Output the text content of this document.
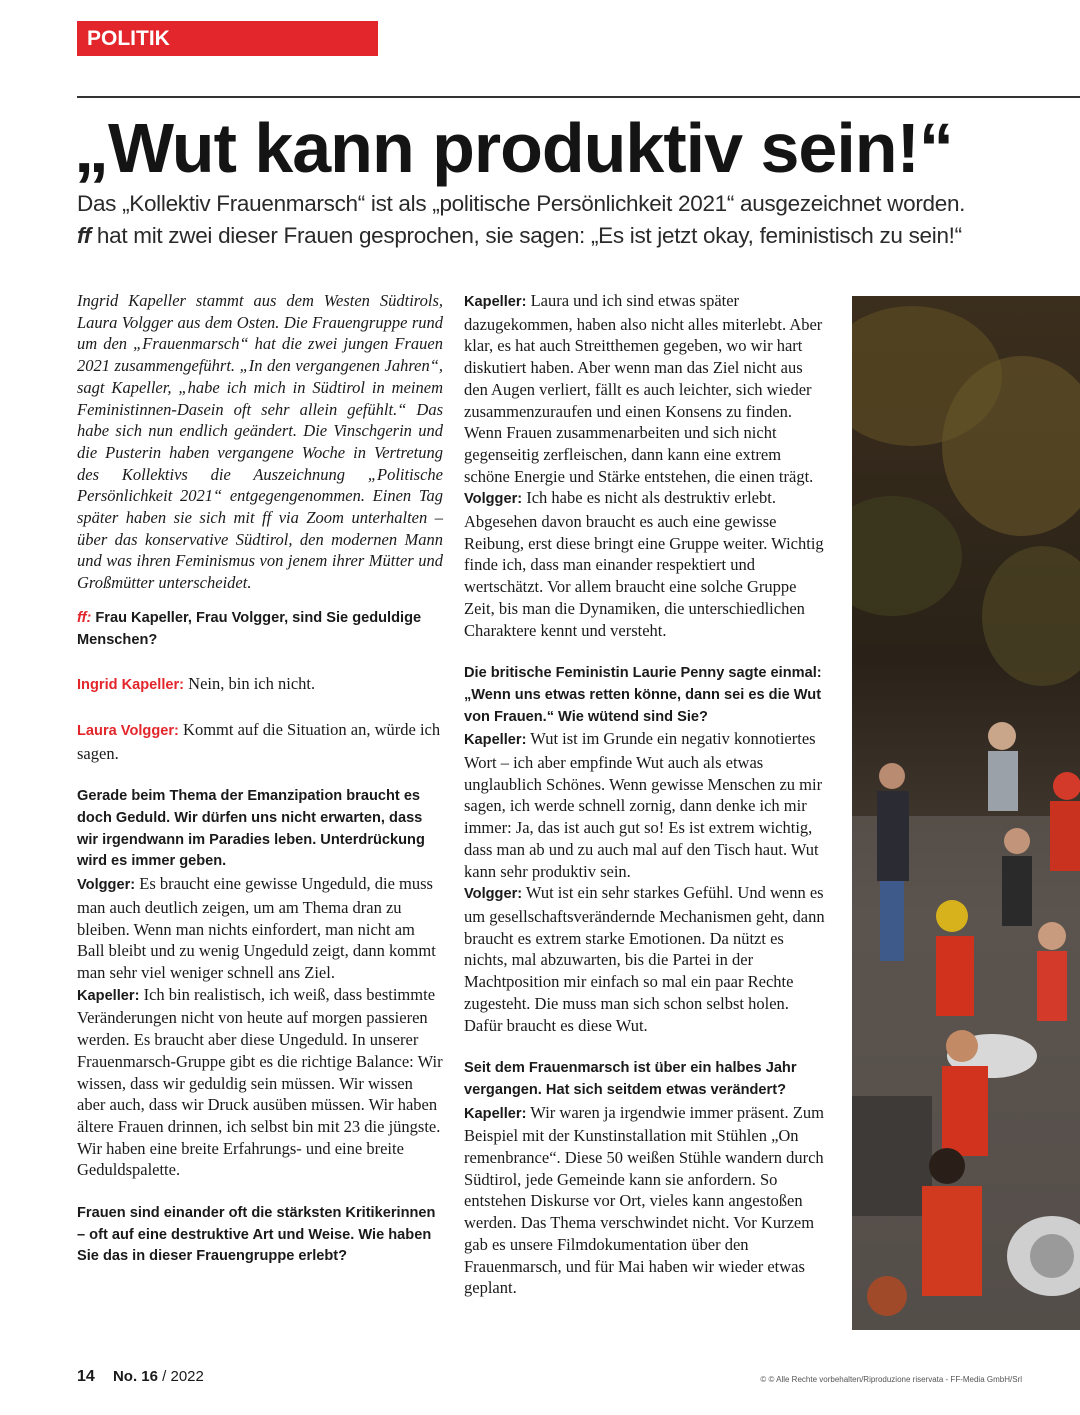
POLITIK
„Wut kann produktiv sein!“
Das „Kollektiv Frauenmarsch“ ist als „politische Persönlichkeit 2021“ ausgezeichnet worden.
ff hat mit zwei dieser Frauen gesprochen, sie sagen: „Es ist jetzt okay, feministisch zu sein!“

Ingrid Kapeller stammt aus dem Westen Südtirols, Laura Volgger aus dem Osten. Die Frauengruppe rund um den „Frauenmarsch“ hat die zwei jungen Frauen 2021 zusammengeführt. „In den vergangenen Jahren“, sagt Kapeller, „habe ich mich in Südtirol in meinem Feministinnen-Dasein oft sehr allein gefühlt.“ Das habe sich nun endlich geändert. Die Vinschgerin und die Pusterin haben vergangene Woche in Vertretung des Kollektivs die Auszeichnung „Politische Persönlichkeit 2021“ entgegengenommen. Einen Tag später haben sie sich mit ff via Zoom unterhalten – über das konservative Südtirol, den modernen Mann und was ihren Feminismus von jenem ihrer Mütter und Großmütter unterscheidet.

ff: Frau Kapeller, Frau Volgger, sind Sie geduldige Menschen?

Ingrid Kapeller: Nein, bin ich nicht.

Laura Volgger: Kommt auf die Situation an, würde ich sagen.

Gerade beim Thema der Emanzipation braucht es doch Geduld. Wir dürfen uns nicht erwarten, dass wir irgendwann im Paradies leben. Unterdrückung wird es immer geben.

Volgger: Es braucht eine gewisse Ungeduld, die muss man auch deutlich zeigen, um am Thema dran zu bleiben. Wenn man nichts einfordert, man nicht am Ball bleibt und zu wenig Ungeduld zeigt, dann kommt man sehr viel weniger schnell ans Ziel.

Kapeller: Ich bin realistisch, ich weiß, dass bestimmte Veränderungen nicht von heute auf morgen passieren werden. Es braucht aber diese Ungeduld. In unserer Frauenmarsch-Gruppe gibt es die richtige Balance: Wir wissen, dass wir geduldig sein müssen. Wir wissen aber auch, dass wir Druck ausüben müssen. Wir haben ältere Frauen drinnen, ich selbst bin mit 23 die jüngste. Wir haben eine breite Erfahrungs- und eine breite Geduldspalette.

Frauen sind einander oft die stärksten Kritikerinnen – oft auf eine destruktive Art und Weise. Wie haben Sie das in dieser Frauengruppe erlebt?

Kapeller: Laura und ich sind etwas später dazugekommen, haben also nicht alles miterlebt. Aber klar, es hat auch Streitthemen gegeben, wo wir hart diskutiert haben. Aber wenn man das Ziel nicht aus den Augen verliert, fällt es auch leichter, sich wieder zusammenzuraufen und einen Konsens zu finden. Wenn Frauen zusammenarbeiten und sich nicht gegenseitig zerfleischen, dann kann eine extrem schöne Energie und Stärke entstehen, die einen trägt.

Volgger: Ich habe es nicht als destruktiv erlebt. Abgesehen davon braucht es auch eine gewisse Reibung, erst diese bringt eine Gruppe weiter. Wichtig finde ich, dass man einander respektiert und wertschätzt. Vor allem braucht eine solche Gruppe Zeit, bis man die Dynamiken, die unterschiedlichen Charaktere kennt und versteht.

Die britische Feministin Laurie Penny sagte einmal: „Wenn uns etwas retten könne, dann sei es die Wut von Frauen.“ Wie wütend sind Sie?

Kapeller: Wut ist im Grunde ein negativ konnotiertes Wort – ich aber empfinde Wut auch als etwas unglaublich Schönes. Wenn gewisse Menschen zu mir sagen, ich werde schnell zornig, dann denke ich mir immer: Ja, das ist auch gut so! Es ist extrem wichtig, dass man ab und zu auch mal auf den Tisch haut. Wut kann sehr produktiv sein.

Volgger: Wut ist ein sehr starkes Gefühl. Und wenn es um gesellschaftsverändernde Mechanismen geht, dann braucht es extrem starke Emotionen. Da nützt es nichts, mal abzuwarten, bis die Partei in der Machtposition mir einfach so mal ein paar Rechte zugesteht. Die muss man sich schon selbst holen. Dafür braucht es diese Wut.

Seit dem Frauenmarsch ist über ein halbes Jahr vergangen. Hat sich seitdem etwas verändert?

Kapeller: Wir waren ja irgendwie immer präsent. Zum Beispiel mit der Kunstinstallation mit Stühlen „On remenbrance“. Diese 50 weißen Stühle wandern durch Südtirol, jede Gemeinde kann sie anfordern. So entstehen Diskurse vor Ort, vieles kann angestoßen werden. Das Thema verschwindet nicht. Vor Kurzem gab es unsere Filmdokumentation über den Frauenmarsch, und für Mai haben wir wieder etwas geplant.

14 No. 16 / 2022	© © Alle Rechte vorbehalten/Riproduzione riservata - FF-Media GmbH/Srl
